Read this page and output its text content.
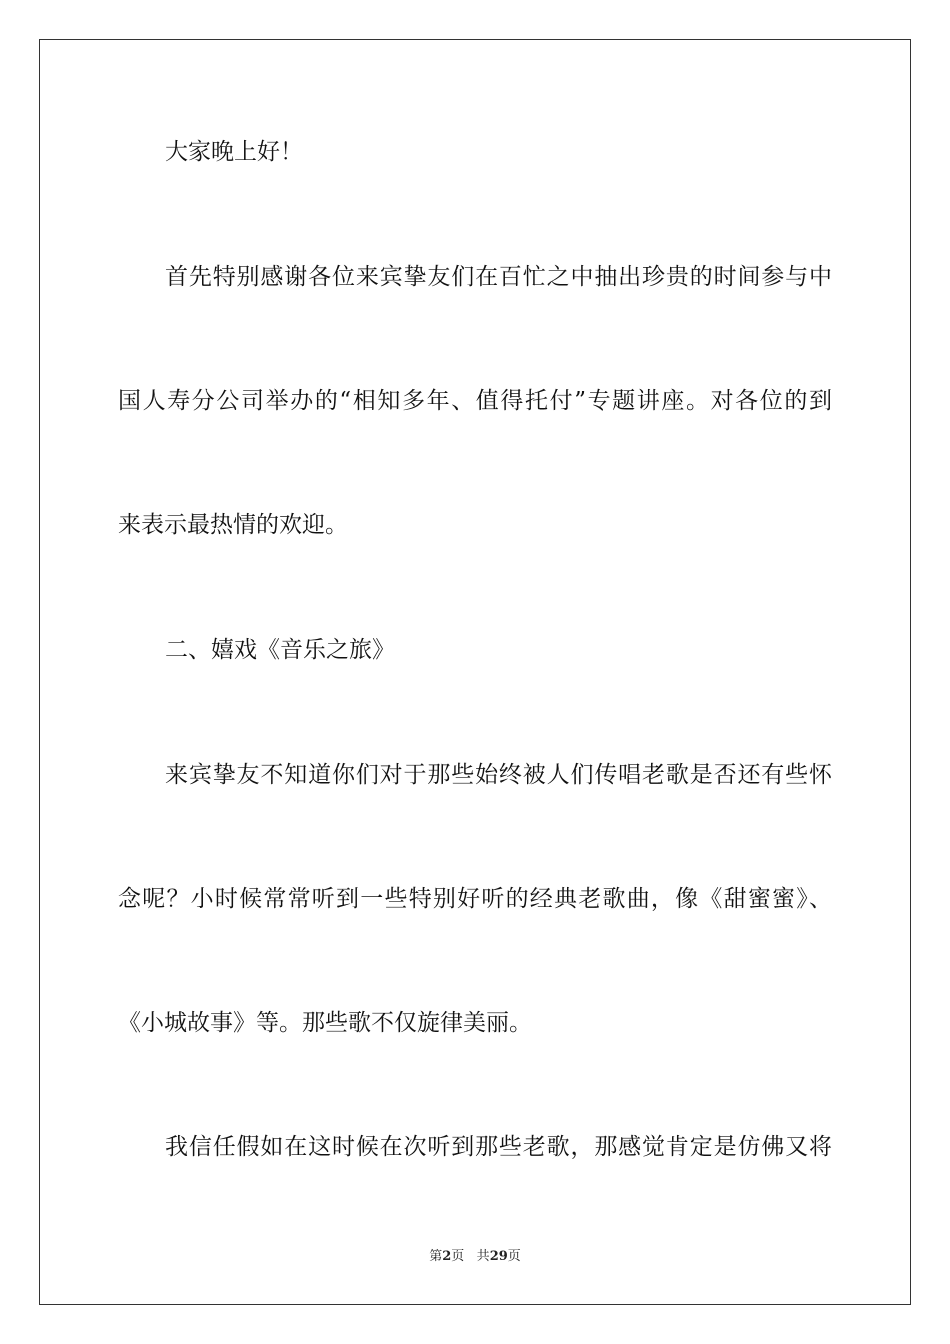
大家晚上好！
首先特别感谢各位来宾挚友们在百忙之中抽出珍贵的时间参与中
国人寿分公司举办的“相知多年、值得托付”专题讲座。对各位的到
来表示最热情的欢迎。
二、嬉戏《音乐之旅》
来宾挚友不知道你们对于那些始终被人们传唱老歌是否还有些怀
念呢？小时候常常听到一些特别好听的经典老歌曲，像《甜蜜蜜》、
《小城故事》等。那些歌不仅旋律美丽。
我信任假如在这时候在次听到那些老歌，那感觉肯定是仿佛又将
第2页 共29页
